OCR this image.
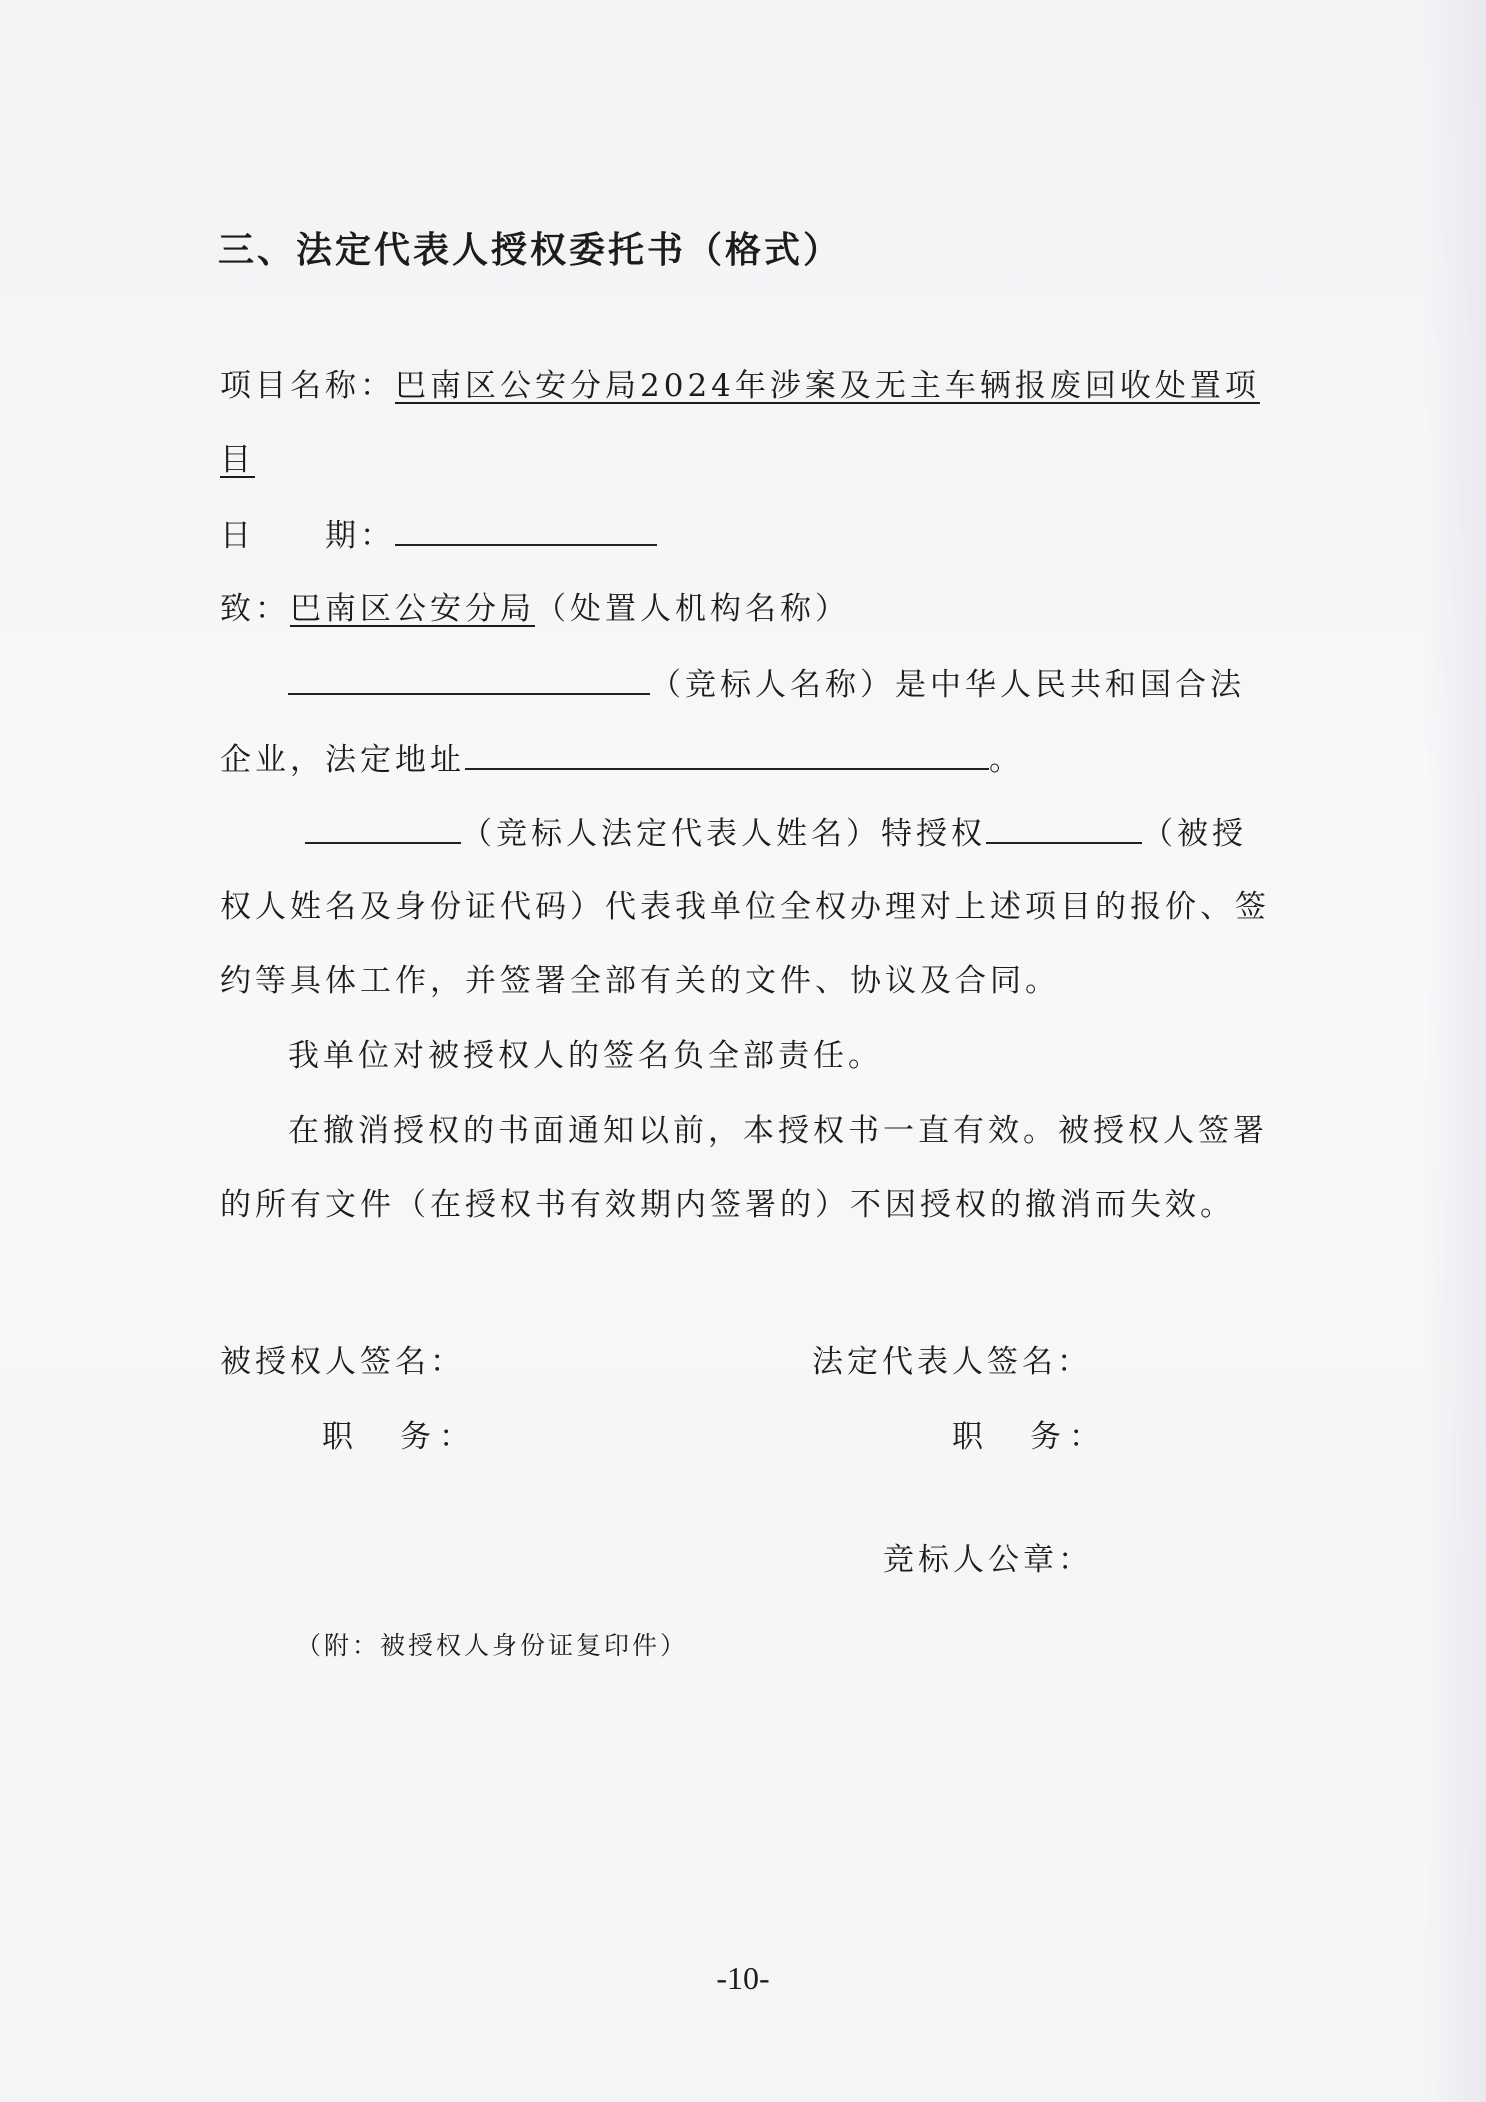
三、法定代表人授权委托书（格式）
项目名称：巴南区公安分局2024年涉案及无主车辆报废回收处置项
目
日　　期：
致：巴南区公安分局（处置人机构名称）
（竞标人名称）是中华人民共和国合法
企业，法定地址	。
（竞标人法定代表人姓名）特授权	（被授
权人姓名及身份证代码）代表我单位全权办理对上述项目的报价、签
约等具体工作，并签署全部有关的文件、协议及合同。
我单位对被授权人的签名负全部责任。
在撤消授权的书面通知以前，本授权书一直有效。被授权人签署
的所有文件（在授权书有效期内签署的）不因授权的撤消而失效。
被授权人签名：	法定代表人签名：
职　务：	职　务：
竞标人公章：
（附：被授权人身份证复印件）
-10-
